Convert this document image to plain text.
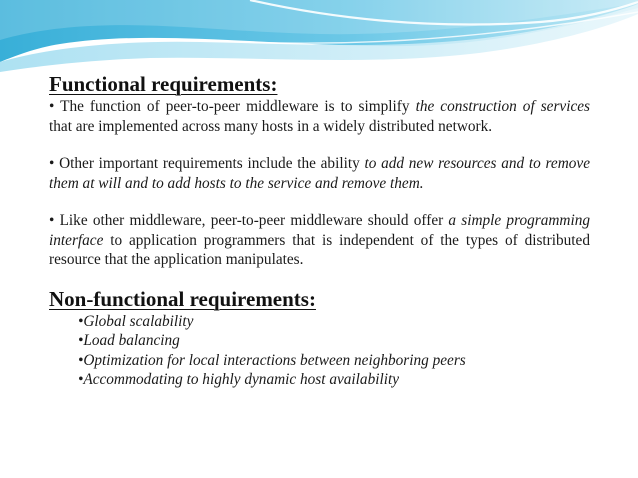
Functional requirements:

• The function of peer-to-peer middleware is to simplify the construction of services that are implemented across many hosts in a widely distributed network.

• Other important requirements include the ability to add new resources and to remove them at will and to add hosts to the service and remove them.

• Like other middleware, peer-to-peer middleware should offer a simple programming interface to application programmers that is independent of the types of distributed resource that the application manipulates.

Non-functional requirements:
•Global scalability
•Load balancing
•Optimization for local interactions between neighboring peers
•Accommodating to highly dynamic host availability
